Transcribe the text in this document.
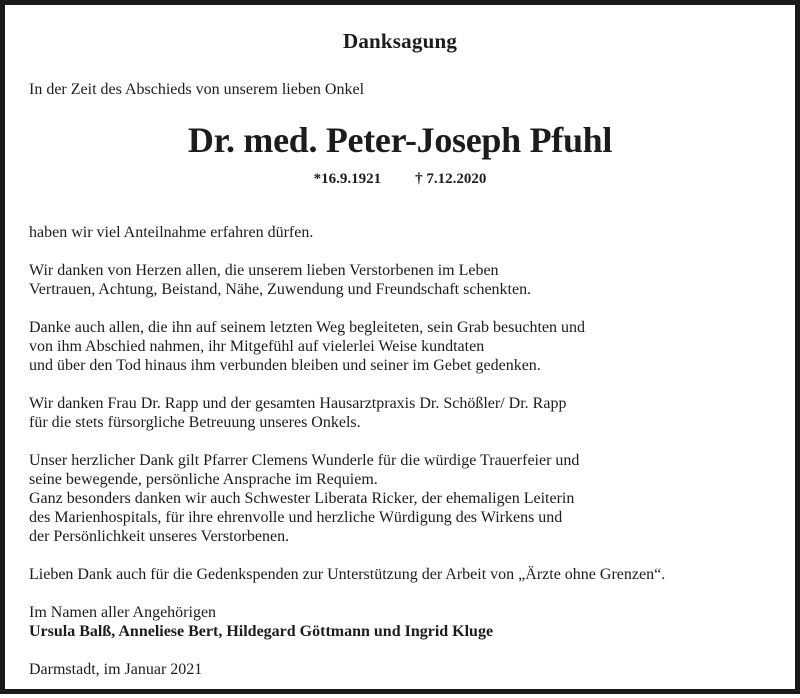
Danksagung
In der Zeit des Abschieds von unserem lieben Onkel
Dr. med. Peter-Joseph Pfuhl
*16.9.1921 † 7.12.2020
haben wir viel Anteilnahme erfahren dürfen.
Wir danken von Herzen allen, die unserem lieben Verstorbenen im Leben
Vertrauen, Achtung, Beistand, Nähe, Zuwendung und Freundschaft schenkten.
Danke auch allen, die ihn auf seinem letzten Weg begleiteten, sein Grab besuchten und
von ihm Abschied nahmen, ihr Mitgefühl auf vielerlei Weise kundtaten
und über den Tod hinaus ihm verbunden bleiben und seiner im Gebet gedenken.
Wir danken Frau Dr. Rapp und der gesamten Hausarztpraxis Dr. Schößler/ Dr. Rapp
für die stets fürsorgliche Betreuung unseres Onkels.
Unser herzlicher Dank gilt Pfarrer Clemens Wunderle für die würdige Trauerfeier und
seine bewegende, persönliche Ansprache im Requiem.
Ganz besonders danken wir auch Schwester Liberata Ricker, der ehemaligen Leiterin
des Marienhospitals, für ihre ehrenvolle und herzliche Würdigung des Wirkens und
der Persönlichkeit unseres Verstorbenen.
Lieben Dank auch für die Gedenkspenden zur Unterstützung der Arbeit von „Ärzte ohne Grenzen“.
Im Namen aller Angehörigen
Ursula Balß, Anneliese Bert, Hildegard Göttmann und Ingrid Kluge
Darmstadt, im Januar 2021
